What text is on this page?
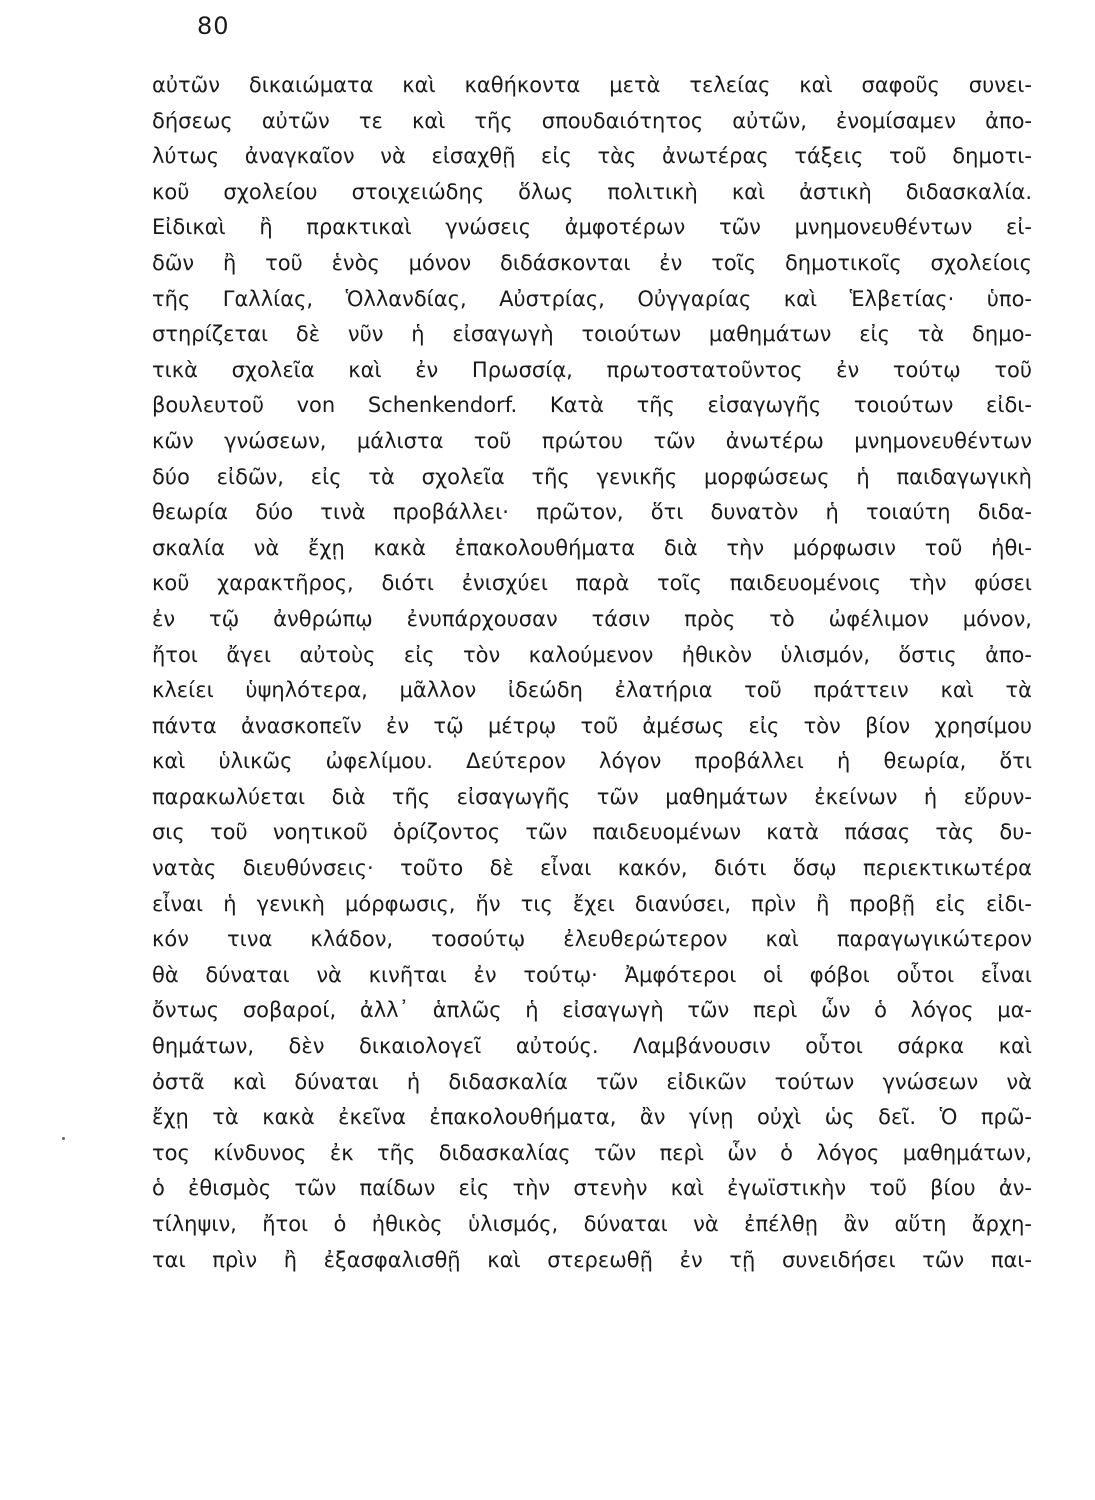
80
αὐτῶν δικαιώματα καὶ καθήκοντα μετὰ τελείας καὶ σαφοῦς συνει-
δήσεως αὐτῶν τε καὶ τῆς σπουδαιότητος αὐτῶν, ἐνομίσαμεν ἀπο-
λύτως ἀναγκαῖον νὰ εἰσαχθῇ εἰς τὰς ἀνωτέρας τάξεις τοῦ δημοτι-
κοῦ σχολείου στοιχειώδης ὅλως πολιτικὴ καὶ ἀστικὴ διδασκαλία.
Εἰδικαὶ ἢ πρακτικαὶ γνώσεις ἀμφοτέρων τῶν μνημονευθέντων εἰ-
δῶν ἢ τοῦ ἑνὸς μόνον διδάσκονται ἐν τοῖς δημοτικοῖς σχολείοις
τῆς Γαλλίας, Ὁλλανδίας, Αὐστρίας, Οὐγγαρίας καὶ Ἑλβετίας· ὑπο-
στηρίζεται δὲ νῦν ἡ εἰσαγωγὴ τοιούτων μαθημάτων εἰς τὰ δημο-
τικὰ σχολεῖα καὶ ἐν Πρωσσίᾳ, πρωτοστατοῦντος ἐν τούτῳ τοῦ
βουλευτοῦ von Schenkendorf. Κατὰ τῆς εἰσαγωγῆς τοιούτων εἰδι-
κῶν γνώσεων, μάλιστα τοῦ πρώτου τῶν ἀνωτέρω μνημονευθέντων
δύο εἰδῶν, εἰς τὰ σχολεῖα τῆς γενικῆς μορφώσεως ἡ παιδαγωγικὴ
θεωρία δύο τινὰ προβάλλει· πρῶτον, ὅτι δυνατὸν ἡ τοιαύτη διδα-
σκαλία νὰ ἔχῃ κακὰ ἐπακολουθήματα διὰ τὴν μόρφωσιν τοῦ ἠθι-
κοῦ χαρακτῆρος, διότι ἐνισχύει παρὰ τοῖς παιδευομένοις τὴν φύσει
ἐν τῷ ἀνθρώπῳ ἐνυπάρχουσαν τάσιν πρὸς τὸ ὠφέλιμον μόνον,
ἤτοι ἄγει αὐτοὺς εἰς τὸν καλούμενον ἠθικὸν ὑλισμόν, ὅστις ἀπο-
κλείει ὑψηλότερα, μᾶλλον ἰδεώδη ἐλατήρια τοῦ πράττειν καὶ τὰ
πάντα ἀνασκοπεῖν ἐν τῷ μέτρῳ τοῦ ἀμέσως εἰς τὸν βίον χρησίμου
καὶ ὑλικῶς ὠφελίμου. Δεύτερον λόγον προβάλλει ἡ θεωρία, ὅτι
παρακωλύεται διὰ τῆς εἰσαγωγῆς τῶν μαθημάτων ἐκείνων ἡ εὔρυν-
σις τοῦ νοητικοῦ ὁρίζοντος τῶν παιδευομένων κατὰ πάσας τὰς δυ-
νατὰς διευθύνσεις· τοῦτο δὲ εἶναι κακόν, διότι ὅσῳ περιεκτικωτέρα
εἶναι ἡ γενικὴ μόρφωσις, ἥν τις ἔχει διανύσει, πρὶν ἢ προβῇ εἰς εἰδι-
κόν τινα κλάδον, τοσούτῳ ἐλευθερώτερον καὶ παραγωγικώτερον
θὰ δύναται νὰ κινῆται ἐν τούτῳ· Ἀμφότεροι οἱ φόβοι οὗτοι εἶναι
ὄντως σοβαροί, ἀλλ᾽ ἁπλῶς ἡ εἰσαγωγὴ τῶν περὶ ὧν ὁ λόγος μα-
θημάτων, δὲν δικαιολογεῖ αὐτούς. Λαμβάνουσιν οὗτοι σάρκα καὶ
ὀστᾶ καὶ δύναται ἡ διδασκαλία τῶν εἰδικῶν τούτων γνώσεων νὰ
ἔχῃ τὰ κακὰ ἐκεῖνα ἐπακολουθήματα, ἂν γίνῃ οὐχὶ ὡς δεῖ. Ὁ πρῶ-
τος κίνδυνος ἐκ τῆς διδασκαλίας τῶν περὶ ὧν ὁ λόγος μαθημάτων,
ὁ ἐθισμὸς τῶν παίδων εἰς τὴν στενὴν καὶ ἐγωϊστικὴν τοῦ βίου ἀν-
τίληψιν, ἤτοι ὁ ἠθικὸς ὑλισμός, δύναται νὰ ἐπέλθῃ ἂν αὕτη ἄρχη-
ται πρὶν ἢ ἐξασφαλισθῇ καὶ στερεωθῇ ἐν τῇ συνειδήσει τῶν παι-
